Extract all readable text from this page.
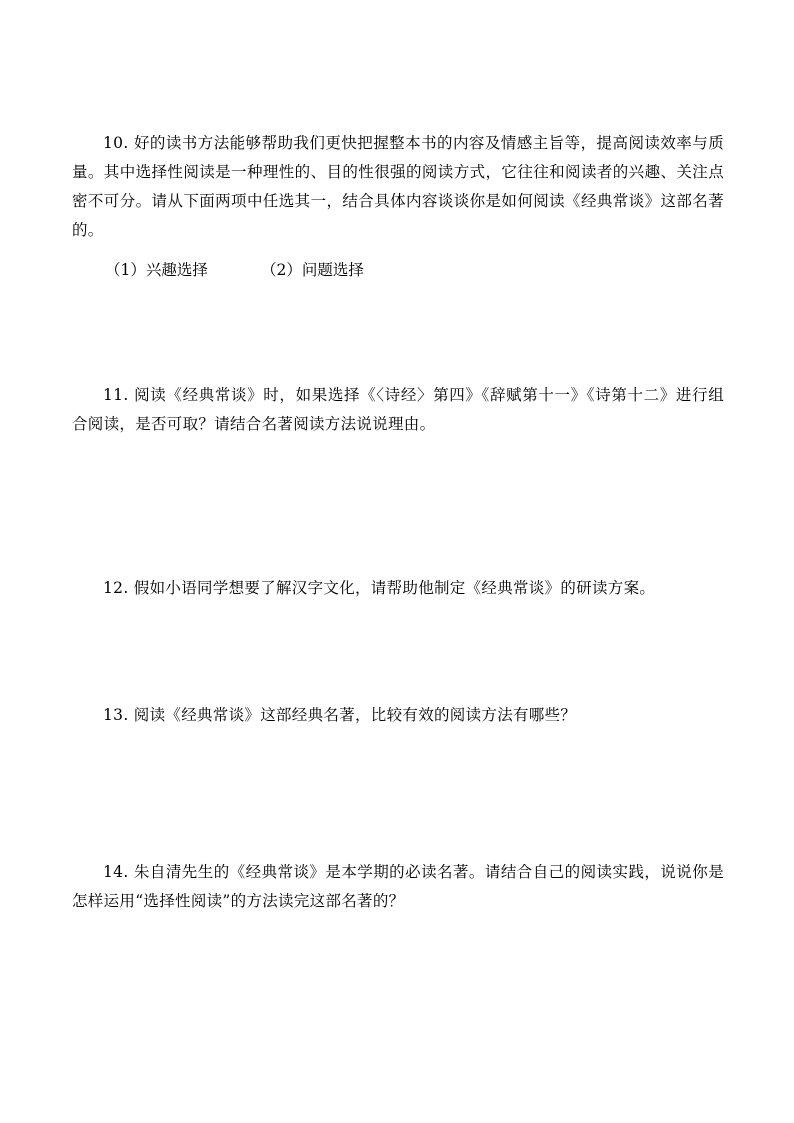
10. 好的读书方法能够帮助我们更快把握整本书的内容及情感主旨等，提高阅读效率与质量。其中选择性阅读是一种理性的、目的性很强的阅读方式，它往往和阅读者的兴趣、关注点密不可分。请从下面两项中任选其一，结合具体内容谈谈你是如何阅读《经典常谈》这部名著的。

（1）兴趣选择	（2）问题选择

11. 阅读《经典常谈》时，如果选择《〈诗经〉第四》《辞赋第十一》《诗第十二》进行组合阅读，是否可取？请结合名著阅读方法说说理由。

12. 假如小语同学想要了解汉字文化，请帮助他制定《经典常谈》的研读方案。

13. 阅读《经典常谈》这部经典名著，比较有效的阅读方法有哪些？

14. 朱自清先生的《经典常谈》是本学期的必读名著。请结合自己的阅读实践，说说你是怎样运用“选择性阅读”的方法读完这部名著的？
